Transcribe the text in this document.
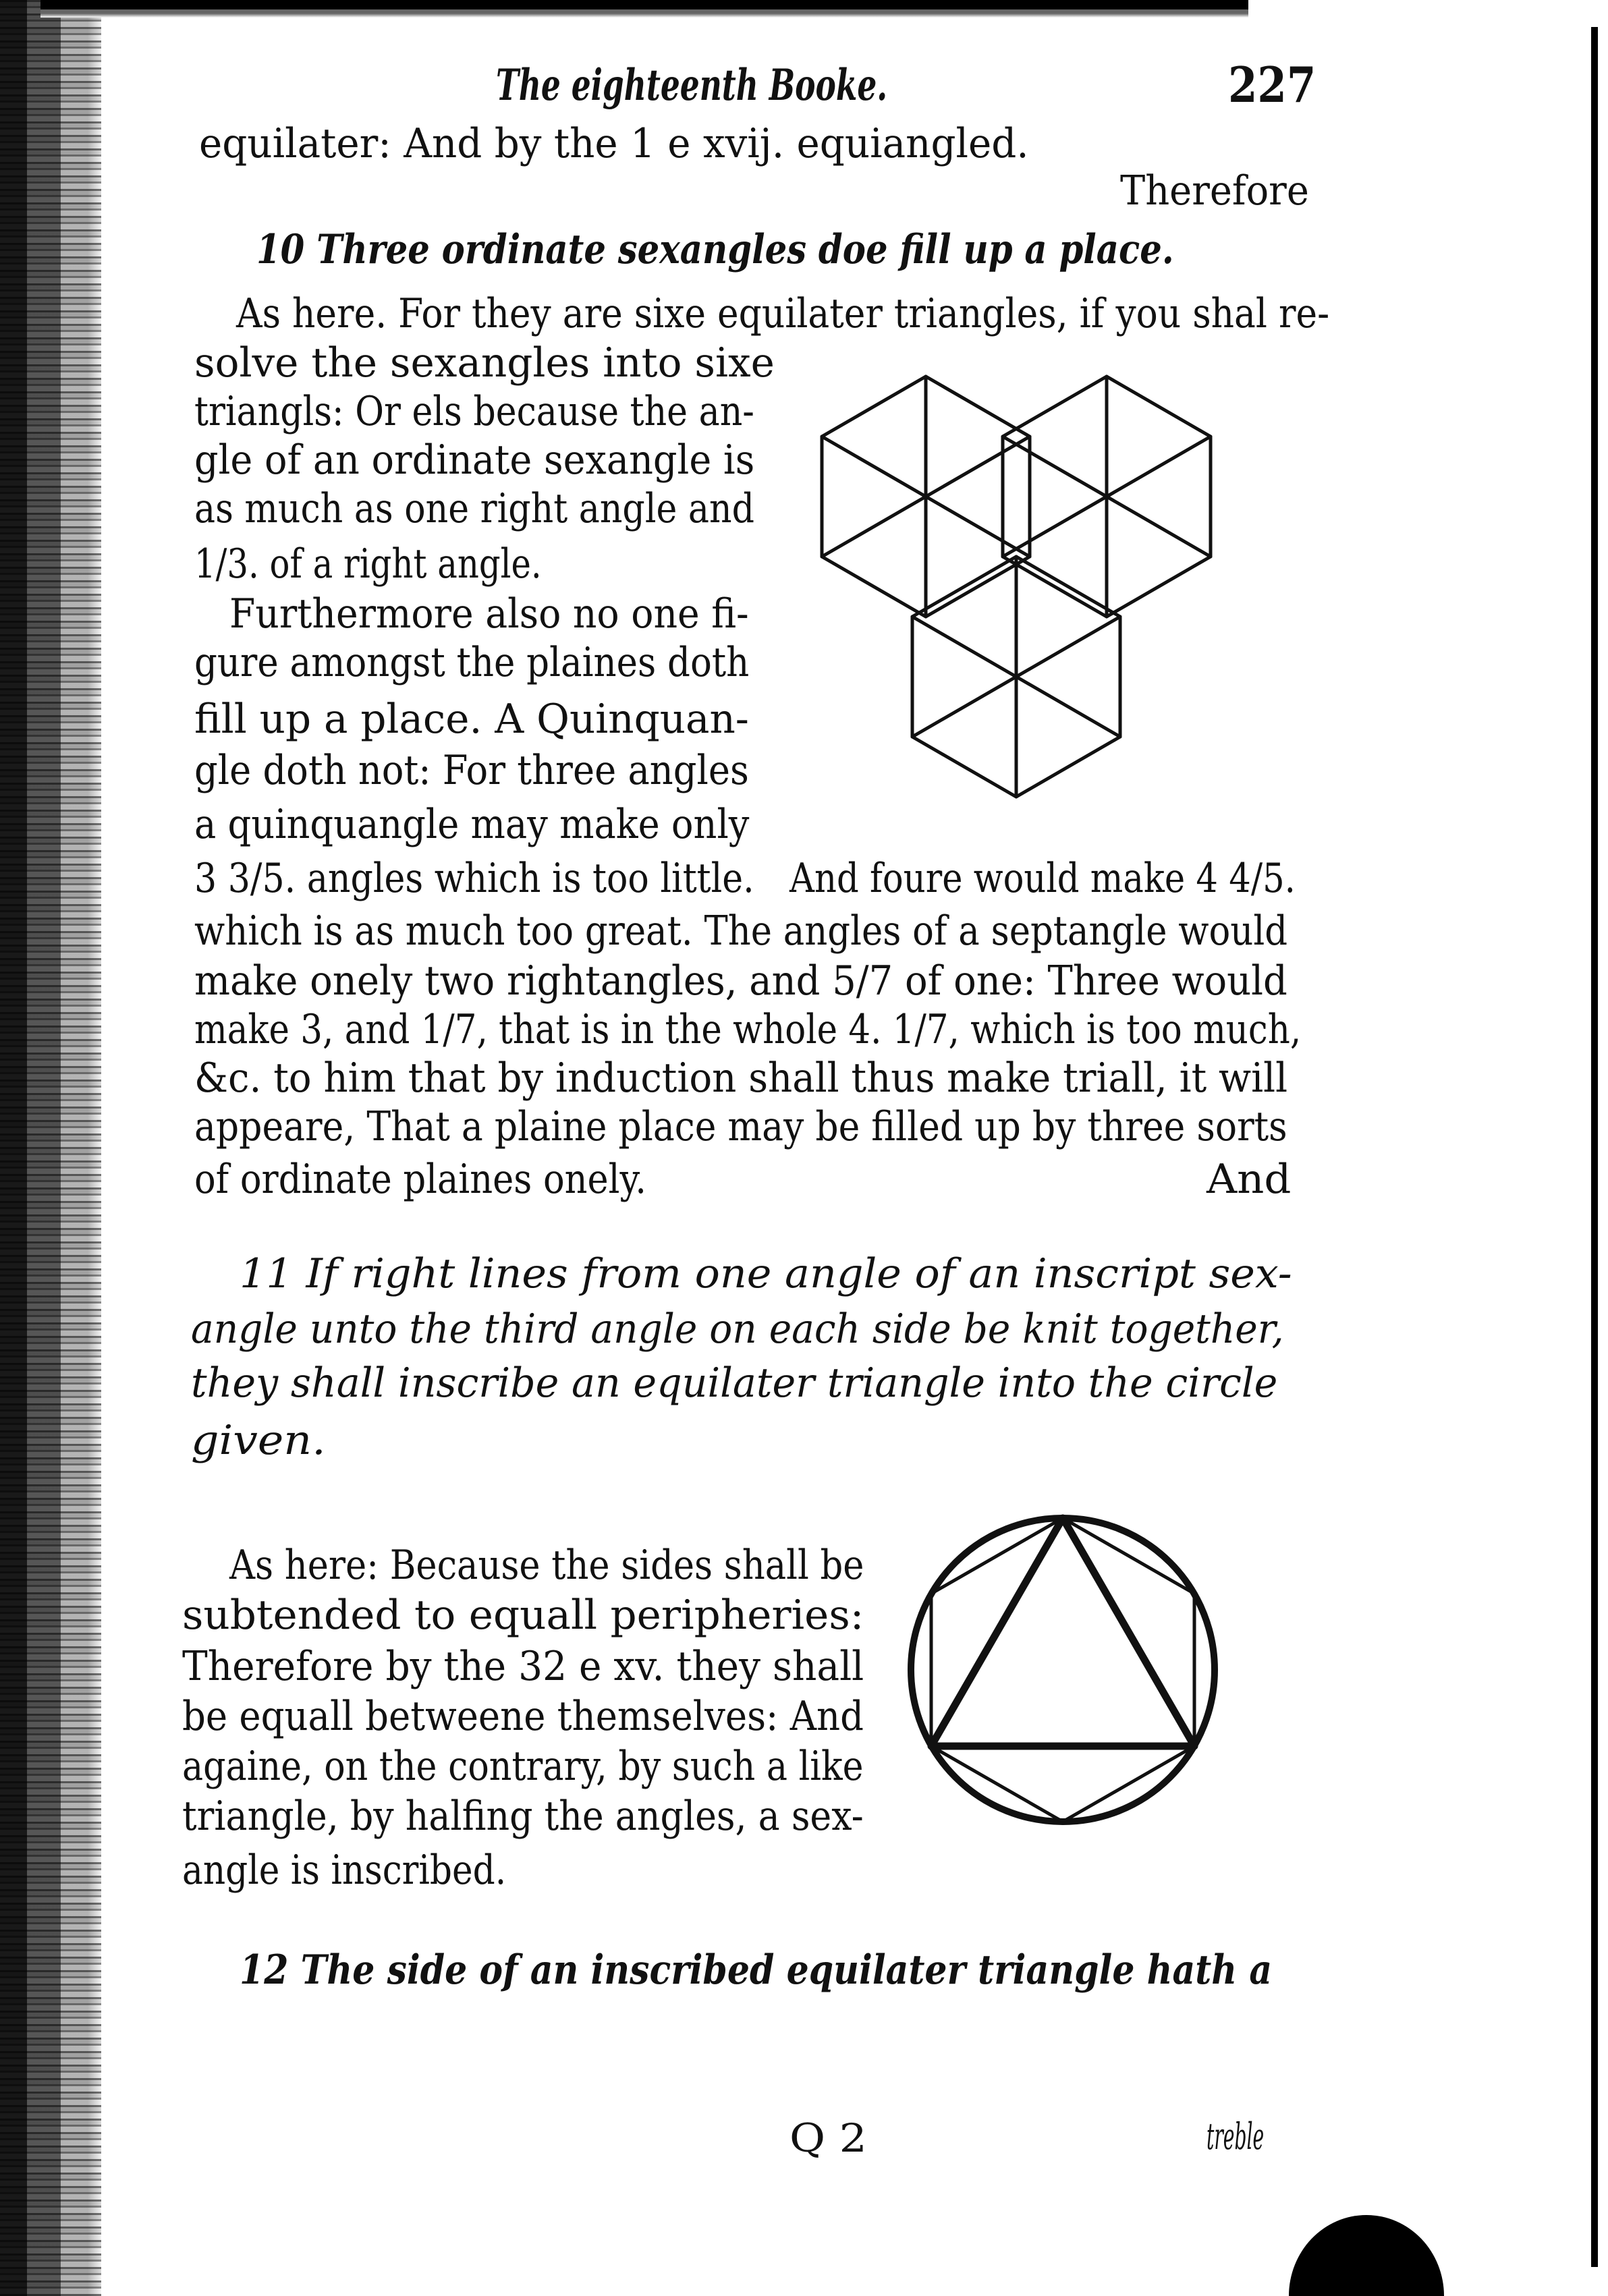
The eighteenth Booke.	227
equilater: And by the 1 e xvij. equiangled.
Therefore
10 Three ordinate sexangles doe fill up a place.
As here. For they are sixe equilater triangles, if you shal re-
solve the sexangles into sixe
triangls: Or els because the an-
gle of an ordinate sexangle is
as much as one right angle and
1/3. of a right angle.
Furthermore also no one fi-
gure amongst the plaines doth
fill up a place. A Quinquan-
gle doth not: For three angles
a quinquangle may make only
3 3/5. angles which is too little. And foure would make 4 4/5.
which is as much too great. The angles of a septangle would
make onely two rightangles, and 5/7 of one: Three would
make 3, and 1/7, that is in the whole 4. 1/7, which is too much,
&c. to him that by induction shall thus make triall, it will
appeare, That a plaine place may be filled up by three sorts
of ordinate plaines onely.	And
11 If right lines from one angle of an inscript sex-
angle unto the third angle on each side be knit together,
they shall inscribe an equilater triangle into the circle
given.
As here: Because the sides shall be
subtended to equall peripheries:
Therefore by the 32 e xv. they shall
be equall betweene themselves: And
againe, on the contrary, by such a like
triangle, by halfing the angles, a sex-
angle is inscribed.
12 The side of an inscribed equilater triangle hath a
Q 2	treble
